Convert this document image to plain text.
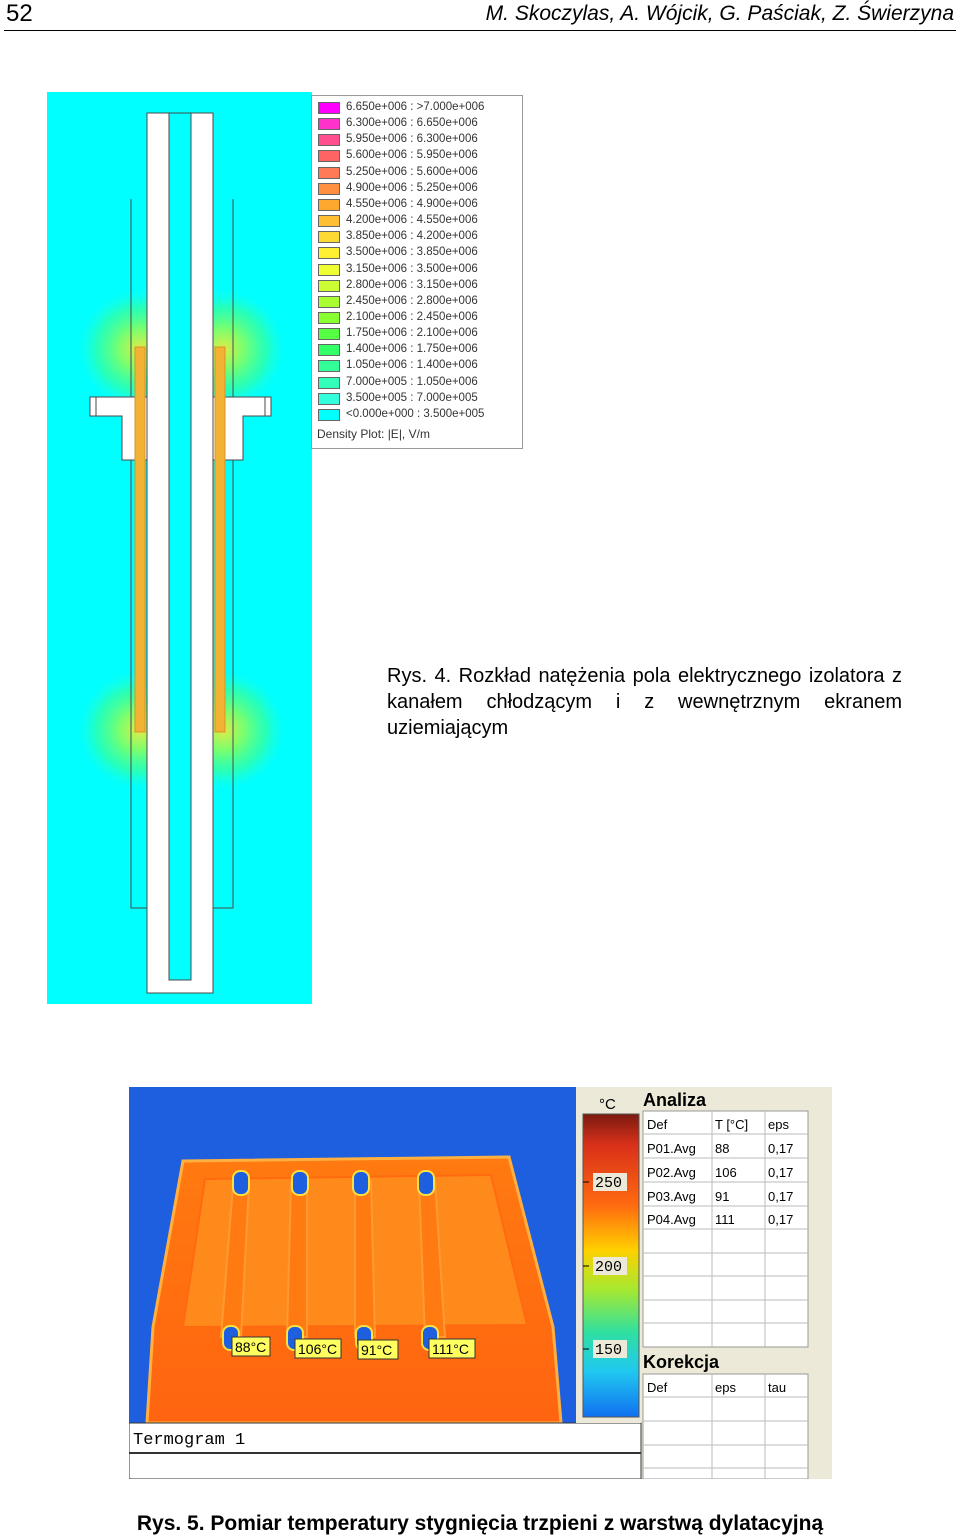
52	M. Skoczylas, A. Wójcik, G. Paściak, Z. Świerzyna
6.650e+006 : >7.000e+006
6.300e+006 : 6.650e+006
5.950e+006 : 6.300e+006
5.600e+006 : 5.950e+006
5.250e+006 : 5.600e+006
4.900e+006 : 5.250e+006
4.550e+006 : 4.900e+006
4.200e+006 : 4.550e+006
3.850e+006 : 4.200e+006
3.500e+006 : 3.850e+006
3.150e+006 : 3.500e+006
2.800e+006 : 3.150e+006
2.450e+006 : 2.800e+006
2.100e+006 : 2.450e+006
1.750e+006 : 2.100e+006
1.400e+006 : 1.750e+006
1.050e+006 : 1.400e+006
7.000e+005 : 1.050e+006
3.500e+005 : 7.000e+005
<0.000e+000 : 3.500e+005
Density Plot: |E|, V/m
Rys. 4. Rozkład natężenia pola elektrycznego izolatora z kanałem chłodzącym i z wewnętrznym ekranem uziemiającym
88°C 106°C 91°C	111°C
Termogram 1
°C
250
200
150
Analiza
Def	T [°C] eps
P01.Avg 88	0,17
P02.Avg 106 0,17
P03.Avg 91	0,17
P04.Avg 111	0,17
Korekcja
Def	eps tau
Rys. 5. Pomiar temperatury stygnięcia trzpieni z warstwą dylatacyjną
